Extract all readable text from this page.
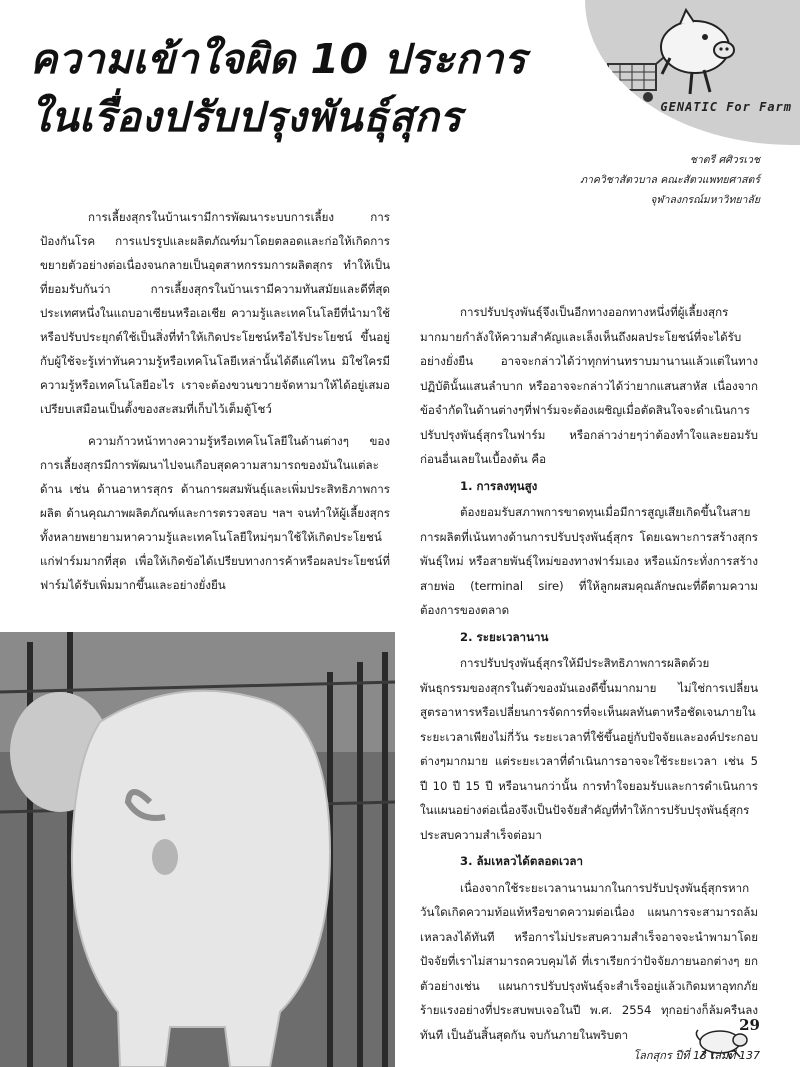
GENATIC For Farm
ความเข้าใจผิด 10 ประการ
ในเรื่องปรับปรุงพันธุ์สุกร
ชาตรี ศศิวรเวช
ภาควิชาสัตวบาล คณะสัตวแพทยศาสตร์
จุฬาลงกรณ์มหาวิทยาลัย

การเลี้ยงสุกรในบ้านเรามีการพัฒนาระบบการเลี้ยง การป้องกันโรค การแปรรูปและผลิตภัณฑ์มาโดยตลอดและก่อให้เกิดการขยายตัวอย่างต่อเนื่องจนกลายเป็นอุตสาหกรรมการผลิตสุกร ทำให้เป็นที่ยอมรับกันว่า การเลี้ยงสุกรในบ้านเรามีความทันสมัยและดีที่สุดประเทศหนึ่งในแถบอาเซียนหรือเอเชีย ความรู้และเทคโนโลยีที่นำมาใช้หรือปรับประยุกต์ใช้เป็นสิ่งที่ทำให้เกิดประโยชน์หรือไร้ประโยชน์ ขึ้นอยู่กับผู้ใช้จะรู้เท่าทันความรู้หรือเทคโนโลยีเหล่านั้นได้ดีแค่ไหน มิใช่ใครมีความรู้หรือเทคโนโลยีอะไร เราจะต้องขวนขวายจัดหามาให้ได้อยู่เสมอ เปรียบเสมือนเป็นตั้งของสะสมที่เก็บไว้เต็มตู้โชว์

ความก้าวหน้าทางความรู้หรือเทคโนโลยีในด้านต่างๆ ของการเลี้ยงสุกรมีการพัฒนาไปจนเกือบสุดความสามารถของมันในแต่ละด้าน เช่น ด้านอาหารสุกร ด้านการผสมพันธุ์และเพิ่มประสิทธิภาพการผลิต ด้านคุณภาพผลิตภัณฑ์และการตรวจสอบ ฯลฯ จนทำให้ผู้เลี้ยงสุกรทั้งหลายพยายามหาความรู้และเทคโนโลยีใหม่ๆมาใช้ให้เกิดประโยชน์แก่ฟาร์มมากที่สุด เพื่อให้เกิดข้อได้เปรียบทางการค้าหรือผลประโยชน์ที่ฟาร์มได้รับเพิ่มมากขึ้นและอย่างยั่งยืน

การปรับปรุงพันธุ์จึงเป็นอีกทางออกทางหนึ่งที่ผู้เลี้ยงสุกรมากมายกำลังให้ความสำคัญและเล็งเห็นถึงผลประโยชน์ที่จะได้รับอย่างยั่งยืน อาจจะกล่าวได้ว่าทุกท่านทราบมานานแล้วแต่ในทางปฏิบัตินั้นแสนลำบาก หรืออาจจะกล่าวได้ว่ายากแสนสาหัส เนื่องจาก ข้อจำกัดในด้านต่างๆที่ฟาร์มจะต้องเผชิญเมื่อตัดสินใจจะดำเนินการปรับปรุงพันธุ์สุกรในฟาร์ม หรือกล่าวง่ายๆว่าต้องทำใจและยอมรับก่อนอื่นเลยในเบื้องต้น คือ

1. การลงทุนสูง

ต้องยอมรับสภาพการขาดทุนเมื่อมีการสูญเสียเกิดขึ้นในสายการผลิตที่เน้นทางด้านการปรับปรุงพันธุ์สุกร โดยเฉพาะการสร้างสุกรพันธุ์ใหม่ หรือสายพันธุ์ใหม่ของทางฟาร์มเอง หรือแม้กระทั่งการสร้างสายพ่อ (terminal sire) ที่ให้ลูกผสมคุณลักษณะที่ดีตามความต้องการของตลาด

2. ระยะเวลานาน

การปรับปรุงพันธุ์สุกรให้มีประสิทธิภาพการผลิตด้วยพันธุกรรมของสุกรในตัวของมันเองดีขึ้นมากมาย ไม่ใช่การเปลี่ยนสูตรอาหารหรือเปลี่ยนการจัดการที่จะเห็นผลทันตาหรือชัดเจนภายในระยะเวลาเพียงไม่กี่วัน ระยะเวลาที่ใช้ขึ้นอยู่กับปัจจัยและองค์ประกอบต่างๆมากมาย แต่ระยะเวลาที่ดำเนินการอาจจะใช้ระยะเวลา เช่น 5 ปี 10 ปี 15 ปี หรือนานกว่านั้น การทำใจยอมรับและการดำเนินการในแผนอย่างต่อเนื่องจึงเป็นปัจจัยสำคัญที่ทำให้การปรับปรุงพันธุ์สุกรประสบความสำเร็จต่อมา

3. ล้มเหลวได้ตลอดเวลา

เนื่องจากใช้ระยะเวลานานมากในการปรับปรุงพันธุ์สุกรหากวันใดเกิดความท้อแท้หรือขาดความต่อเนื่อง แผนการจะสามารถล้มเหลวลงได้ทันที หรือการไม่ประสบความสำเร็จอาจจะนำพามาโดยปัจจัยที่เราไม่สามารถควบคุมได้ ที่เราเรียกว่าปัจจัยภายนอกต่างๆ ยกตัวอย่างเช่น แผนการปรับปรุงพันธุ์จะสำเร็จอยู่แล้วเกิดมหาอุทกภัยร้ายแรงอย่างที่ประสบพบเจอในปี พ.ศ. 2554 ทุกอย่างก็ล้มครืนลงทันที เป็นอันสิ้นสุดกัน จบกันภายในพริบตา

29
โลกสุกร ปีที่ 13 เล่มที่ 137
